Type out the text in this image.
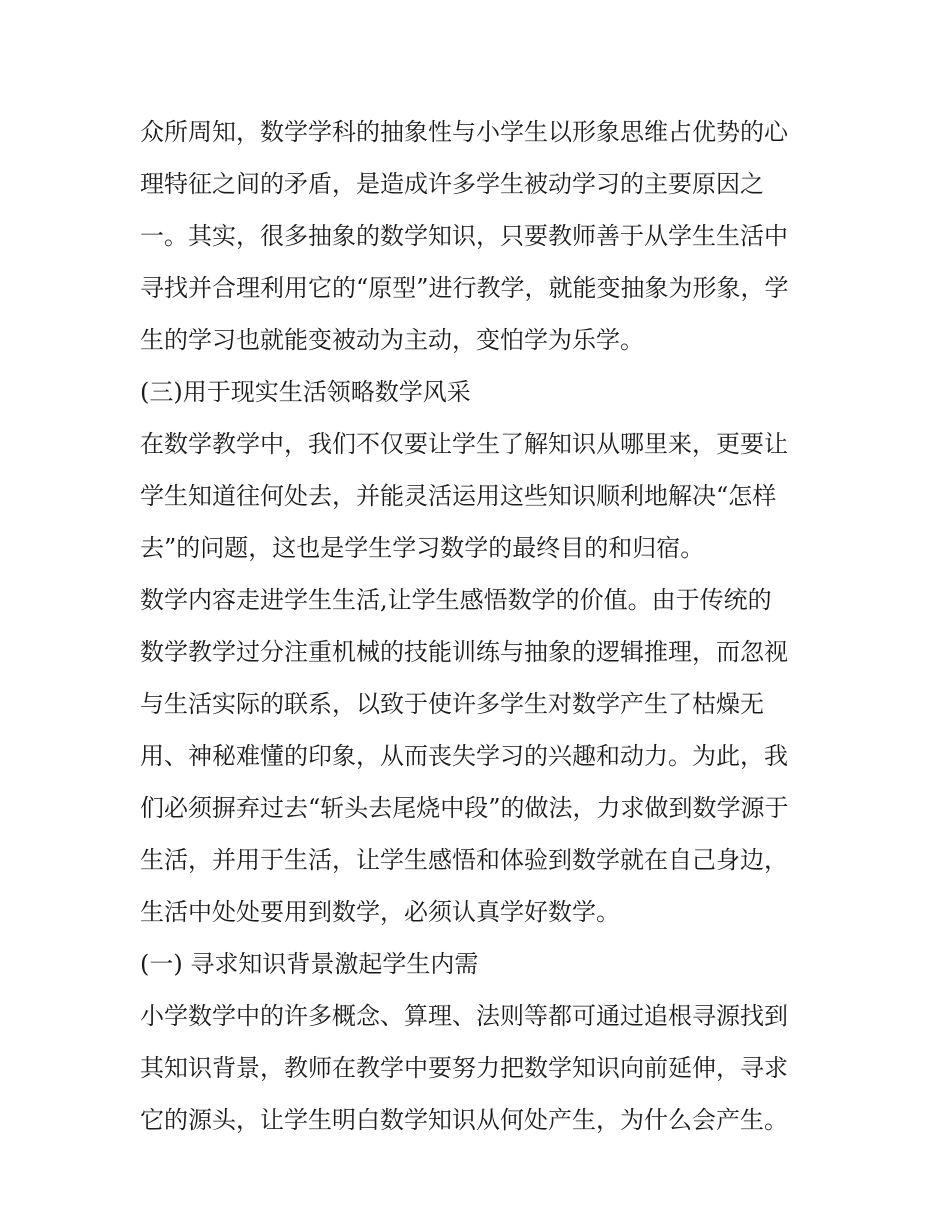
众所周知，数学学科的抽象性与小学生以形象思维占优势的心
理特征之间的矛盾，是造成许多学生被动学习的主要原因之
一。其实，很多抽象的数学知识，只要教师善于从学生生活中
寻找并合理利用它的“原型”进行教学，就能变抽象为形象，学
生的学习也就能变被动为主动，变怕学为乐学。
(三)用于现实生活领略数学风采
在数学教学中，我们不仅要让学生了解知识从哪里来，更要让
学生知道往何处去，并能灵活运用这些知识顺利地解决“怎样
去”的问题，这也是学生学习数学的最终目的和归宿。
数学内容走进学生生活,让学生感悟数学的价值。由于传统的
数学教学过分注重机械的技能训练与抽象的逻辑推理，而忽视
与生活实际的联系，以致于使许多学生对数学产生了枯燥无
用、神秘难懂的印象，从而丧失学习的兴趣和动力。为此，我
们必须摒弃过去“斩头去尾烧中段”的做法，力求做到数学源于
生活，并用于生活，让学生感悟和体验到数学就在自己身边，
生活中处处要用到数学，必须认真学好数学。
(一) 寻求知识背景激起学生内需
小学数学中的许多概念、算理、法则等都可通过追根寻源找到
其知识背景，教师在教学中要努力把数学知识向前延伸，寻求
它的源头，让学生明白数学知识从何处产生，为什么会产生。
